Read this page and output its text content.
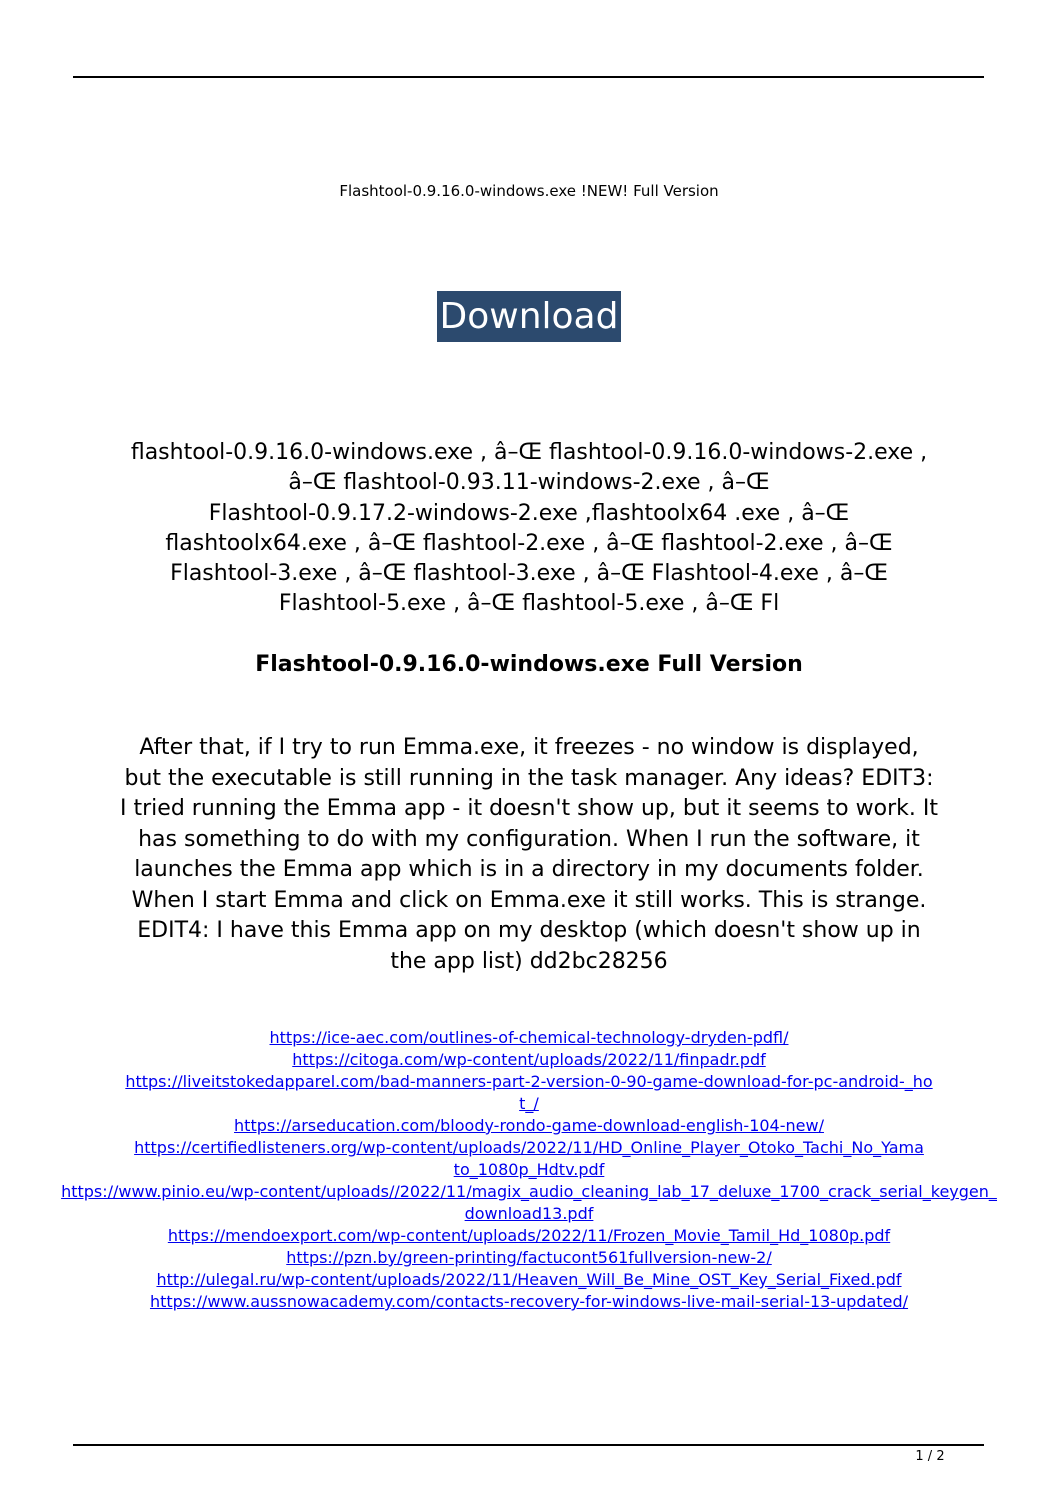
Flashtool-0.9.16.0-windows.exe !NEW! Full Version
Download

flashtool-0.9.16.0-windows.exe , â–Œ flashtool-0.9.16.0-windows-2.exe ,
â–Œ flashtool-0.93.11-windows-2.exe , â–Œ
Flashtool-0.9.17.2-windows-2.exe ,flashtoolx64 .exe , â–Œ
flashtoolx64.exe , â–Œ flashtool-2.exe , â–Œ flashtool-2.exe , â–Œ
Flashtool-3.exe , â–Œ flashtool-3.exe , â–Œ Flashtool-4.exe , â–Œ
Flashtool-5.exe , â–Œ flashtool-5.exe , â–Œ Fl

Flashtool-0.9.16.0-windows.exe Full Version

After that, if I try to run Emma.exe, it freezes - no window is displayed,
but the executable is still running in the task manager. Any ideas? EDIT3:
I tried running the Emma app - it doesn't show up, but it seems to work. It
has something to do with my configuration. When I run the software, it
launches the Emma app which is in a directory in my documents folder.
When I start Emma and click on Emma.exe it still works. This is strange.
EDIT4: I have this Emma app on my desktop (which doesn't show up in
the app list) dd2bc28256

https://ice-aec.com/outlines-of-chemical-technology-dryden-pdfl/
https://citoga.com/wp-content/uploads/2022/11/finpadr.pdf
https://liveitstokedapparel.com/bad-manners-part-2-version-0-90-game-download-for-pc-android-_hot_/
https://arseducation.com/bloody-rondo-game-download-english-104-new/
https://certifiedlisteners.org/wp-content/uploads/2022/11/HD_Online_Player_Otoko_Tachi_No_Yamato_1080p_Hdtv.pdf
https://www.pinio.eu/wp-content/uploads//2022/11/magix_audio_cleaning_lab_17_deluxe_1700_crack_serial_keygen_download13.pdf
https://mendoexport.com/wp-content/uploads/2022/11/Frozen_Movie_Tamil_Hd_1080p.pdf
https://pzn.by/green-printing/factucont561fullversion-new-2/
http://ulegal.ru/wp-content/uploads/2022/11/Heaven_Will_Be_Mine_OST_Key_Serial_Fixed.pdf
https://www.aussnowacademy.com/contacts-recovery-for-windows-live-mail-serial-13-updated/
1 / 2
